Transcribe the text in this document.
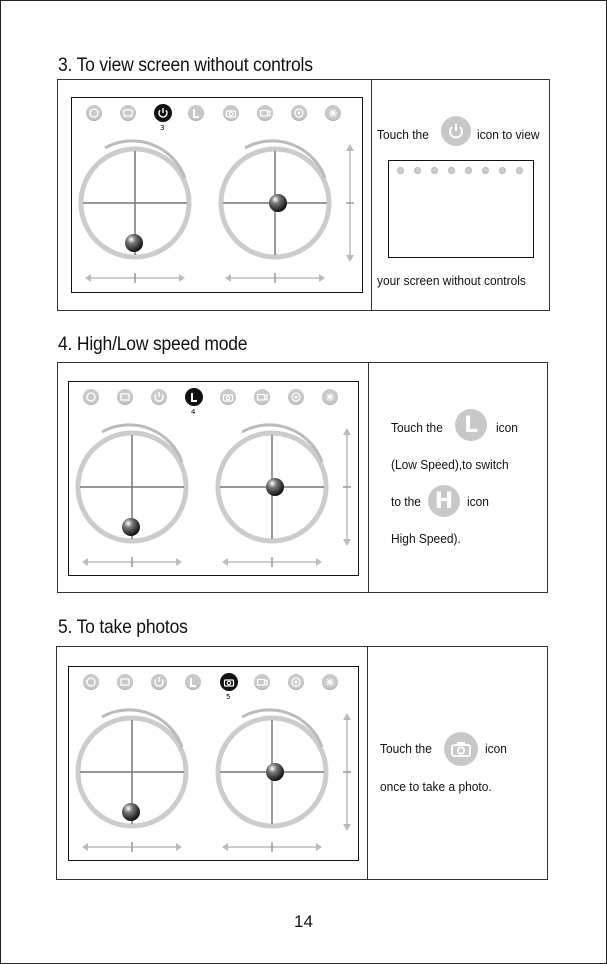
3. To view screen without controls
3	Touch the	icon to view
your screen without controls
4. High/Low speed mode
4
Touch the L	icon
(Low Speed),to switch
to the H	icon
High Speed).
5. To take photos
5
Touch the	icon
once to take a photo.
14
